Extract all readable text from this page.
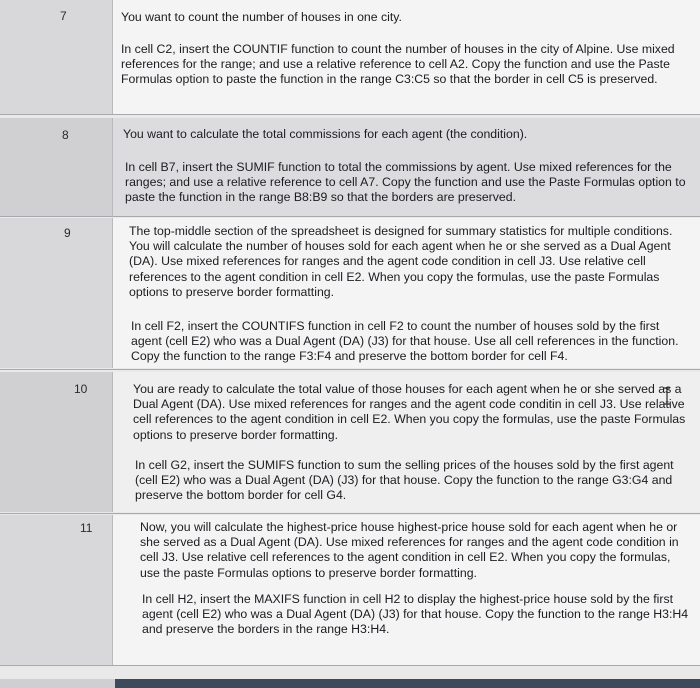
7	You want to count the number of houses in one city.

In cell C2, insert the COUNTIF function to count the number of houses in the city of Alpine. Use mixed references for the range; and use a relative reference to cell A2. Copy the function and use the Paste Formulas option to paste the function in the range C3:C5 so that the border in cell C5 is preserved.

8	You want to calculate the total commissions for each agent (the condition).

In cell B7, insert the SUMIF function to total the commissions by agent. Use mixed references for the ranges; and use a relative reference to cell A7. Copy the function and use the Paste Formulas option to paste the function in the range B8:B9 so that the borders are preserved.

9	The top-middle section of the spreadsheet is designed for summary statistics for multiple conditions. You will calculate the number of houses sold for each agent when he or she served as a Dual Agent (DA). Use mixed references for ranges and the agent code condition in cell J3. Use relative cell references to the agent condition in cell E2. When you copy the formulas, use the paste Formulas options to preserve border formatting.

In cell F2, insert the COUNTIFS function in cell F2 to count the number of houses sold by the first agent (cell E2) who was a Dual Agent (DA) (J3) for that house. Use all cell references in the function. Copy the function to the range F3:F4 and preserve the bottom border for cell F4.

10	You are ready to calculate the total value of those houses for each agent when he or she served as a Dual Agent (DA). Use mixed references for ranges and the agent code conditin in cell J3. Use relative cell references to the agent condition in cell E2. When you copy the formulas, use the paste Formulas options to preserve border formatting.

In cell G2, insert the SUMIFS function to sum the selling prices of the houses sold by the first agent (cell E2) who was a Dual Agent (DA) (J3) for that house. Copy the function to the range G3:G4 and preserve the bottom border for cell G4.

11	Now, you will calculate the highest-price house highest-price house sold for each agent when he or she served as a Dual Agent (DA). Use mixed references for ranges and the agent code condition in cell J3. Use relative cell references to the agent condition in cell E2. When you copy the formulas, use the paste Formulas options to preserve border formatting.

In cell H2, insert the MAXIFS function in cell H2 to display the highest-price house sold by the first agent (cell E2) who was a Dual Agent (DA) (J3) for that house. Copy the function to the range H3:H4 and preserve the borders in the range H3:H4.
